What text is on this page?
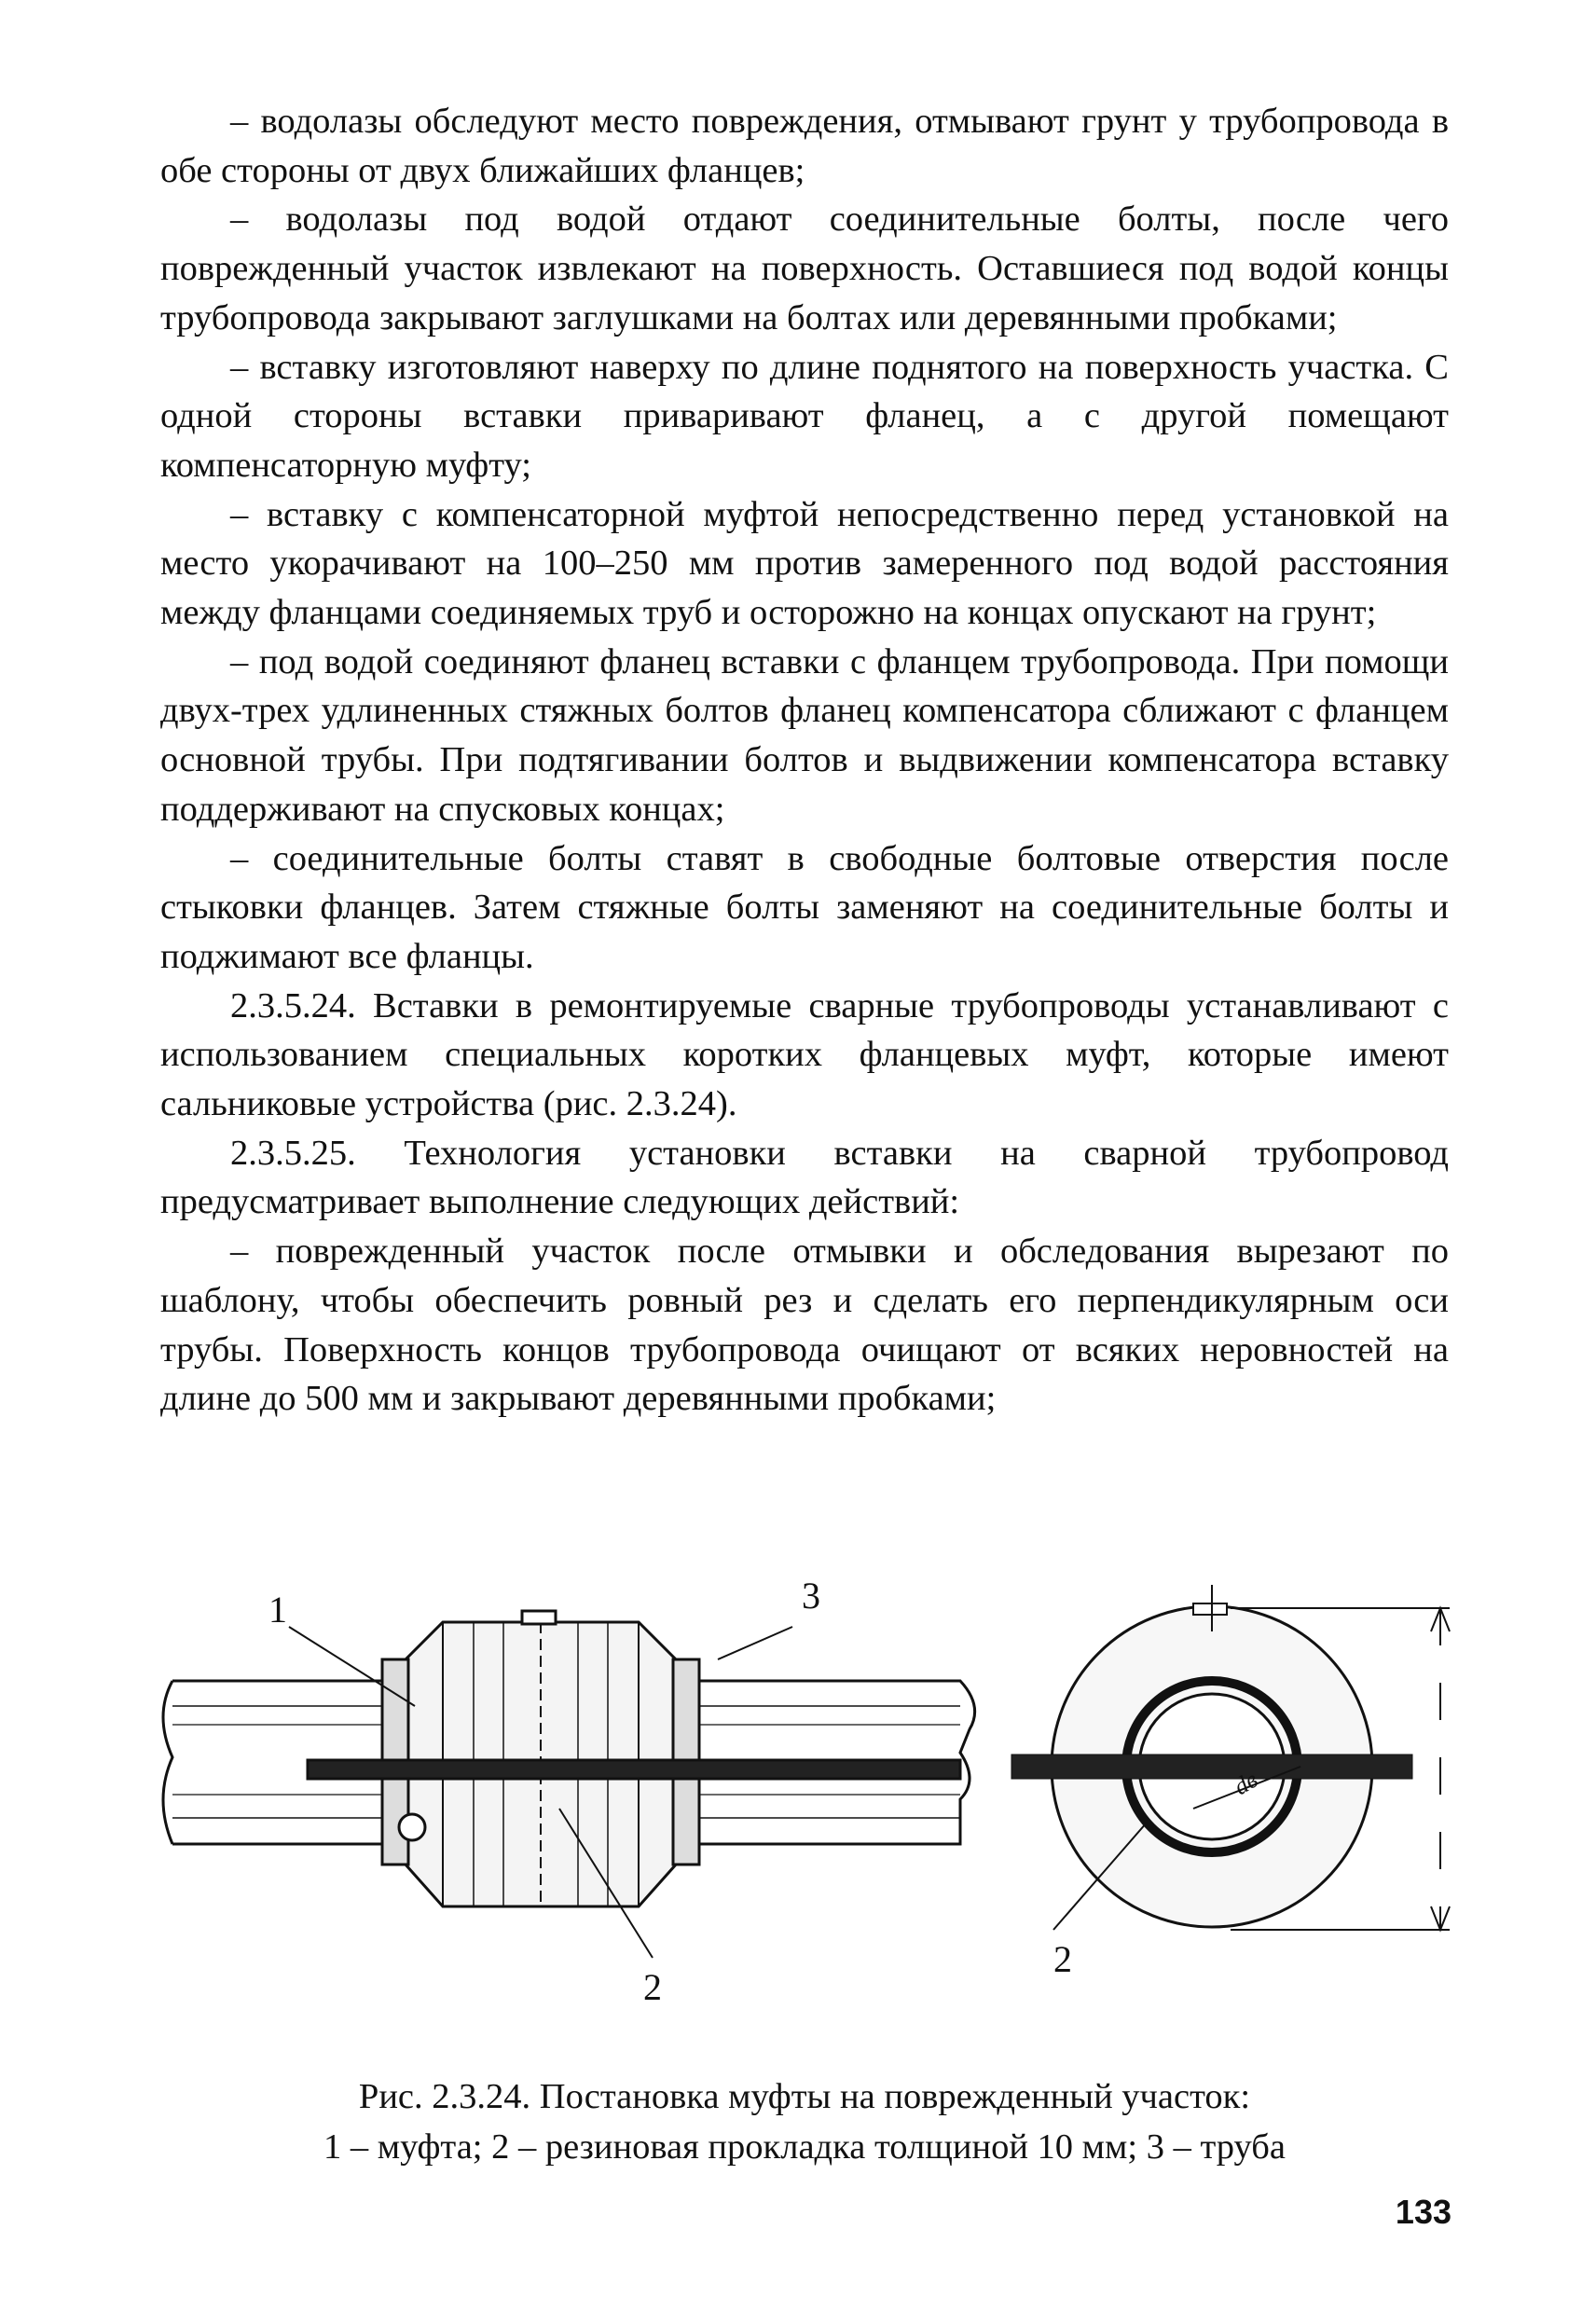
– водолазы обследуют место повреждения, отмывают грунт у трубопровода в обе стороны от двух ближайших фланцев;

– водолазы под водой отдают соединительные болты, после чего поврежденный участок извлекают на поверхность. Оставшиеся под водой концы трубопровода закрывают заглушками на болтах или деревянными пробками;

– вставку изготовляют наверху по длине поднятого на поверхность участка. С одной стороны вставки приваривают фланец, а с другой помещают компенсаторную муфту;

– вставку с компенсаторной муфтой непосредственно перед установкой на место укорачивают на 100–250 мм против замеренного под водой расстояния между фланцами соединяемых труб и осторожно на концах опускают на грунт;

– под водой соединяют фланец вставки с фланцем трубопровода. При помощи двух-трех удлиненных стяжных болтов фланец компенсатора сближают с фланцем основной трубы. При подтягивании болтов и выдвижении компенсатора вставку поддерживают на спусковых концах;

– соединительные болты ставят в свободные болтовые отверстия после стыковки фланцев. Затем стяжные болты заменяют на соединительные болты и поджимают все фланцы.

2.3.5.24. Вставки в ремонтируемые сварные трубопроводы устанавливают с использованием специальных коротких фланцевых муфт, которые имеют сальниковые устройства (рис. 2.3.24).

2.3.5.25. Технология установки вставки на сварной трубопровод предусматривает выполнение следующих действий:

– поврежденный участок после отмывки и обследования вырезают по шаблону, чтобы обеспечить ровный рез и сделать его перпендикулярным оси трубы. Поверхность концов трубопровода очищают от всяких неровностей на длине до 500 мм и закрывают деревянными пробками;

1
2
3
dв
2
Рис. 2.3.24. Постановка муфты на поврежденный участок:
1 – муфта; 2 – резиновая прокладка толщиной 10 мм; 3 – труба
133
